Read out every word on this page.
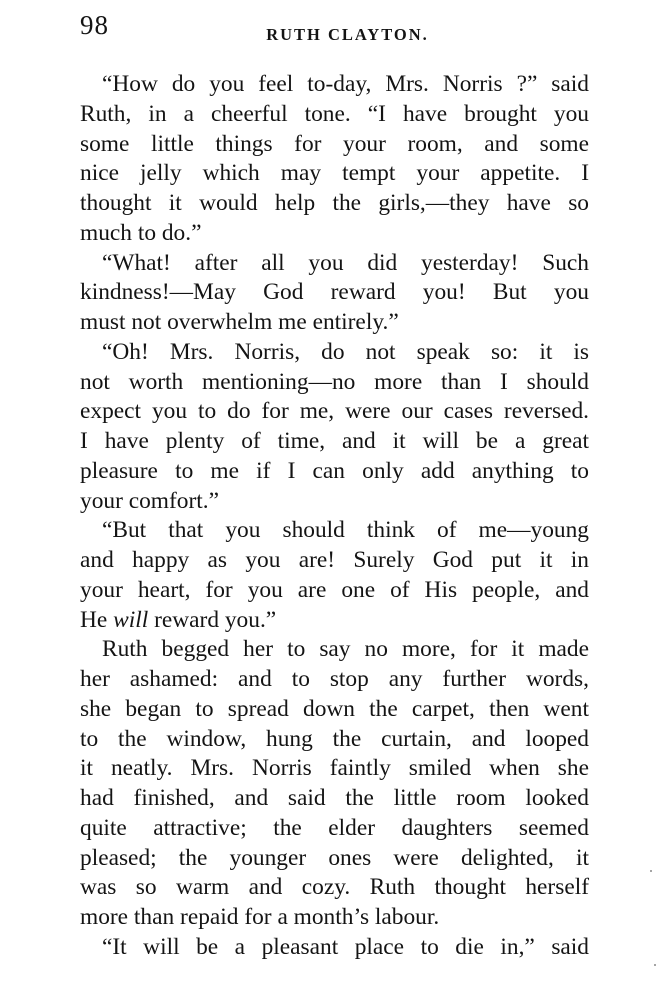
98	RUTH CLAYTON.
“How do you feel to-day, Mrs. Norris ?” said
Ruth, in a cheerful tone. “I have brought you
some little things for your room, and some
nice jelly which may tempt your appetite. I
thought it would help the girls,—they have so
much to do.”
“What! after all you did yesterday! Such
kindness!—May God reward you! But you
must not overwhelm me entirely.”
“Oh! Mrs. Norris, do not speak so: it is
not worth mentioning—no more than I should
expect you to do for me, were our cases reversed.
I have plenty of time, and it will be a great
pleasure to me if I can only add anything to
your comfort.”
“But that you should think of me—young
and happy as you are! Surely God put it in
your heart, for you are one of His people, and
He will reward you.”
Ruth begged her to say no more, for it made
her ashamed: and to stop any further words,
she began to spread down the carpet, then went
to the window, hung the curtain, and looped
it neatly. Mrs. Norris faintly smiled when she
had finished, and said the little room looked
quite attractive; the elder daughters seemed
pleased; the younger ones were delighted, it
was so warm and cozy. Ruth thought herself
more than repaid for a month’s labour.
“It will be a pleasant place to die in,” said
